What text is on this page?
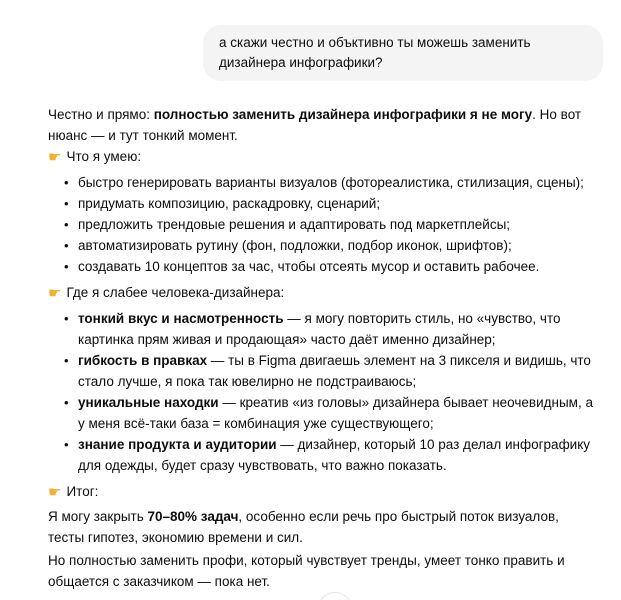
а скажи честно и объктивно ты можешь заменить дизайнера инфографики?

Честно и прямо: полностью заменить дизайнера инфографики я не могу. Но вот нюанс — и тут тонкий момент.

☛ Что я умею:
• быстро генерировать варианты визуалов (фотореалистика, стилизация, сцены);
• придумать композицию, раскадровку, сценарий;
• предложить трендовые решения и адаптировать под маркетплейсы;
• автоматизировать рутину (фон, подложки, подбор иконок, шрифтов);
• создавать 10 концептов за час, чтобы отсеять мусор и оставить рабочее.
☛ Где я слабее человека-дизайнера:
• тонкий вкус и насмотренность — я могу повторить стиль, но «чувство, что картинка прям живая и продающая» часто даёт именно дизайнер;
• гибкость в правках — ты в Figma двигаешь элемент на 3 пикселя и видишь, что стало лучше, я пока так ювелирно не подстраиваюсь;
• уникальные находки — креатив «из головы» дизайнера бывает неочевидным, а у меня всё-таки база = комбинация уже существующего;
• знание продукта и аудитории — дизайнер, который 10 раз делал инфографику для одежды, будет сразу чувствовать, что важно показать.
☛ Итог:

Я могу закрыть 70–80% задач, особенно если речь про быстрый поток визуалов, тесты гипотез, экономию времени и сил.

Но полностью заменить профи, который чувствует тренды, умеет тонко править и общается с заказчиком — пока нет.
